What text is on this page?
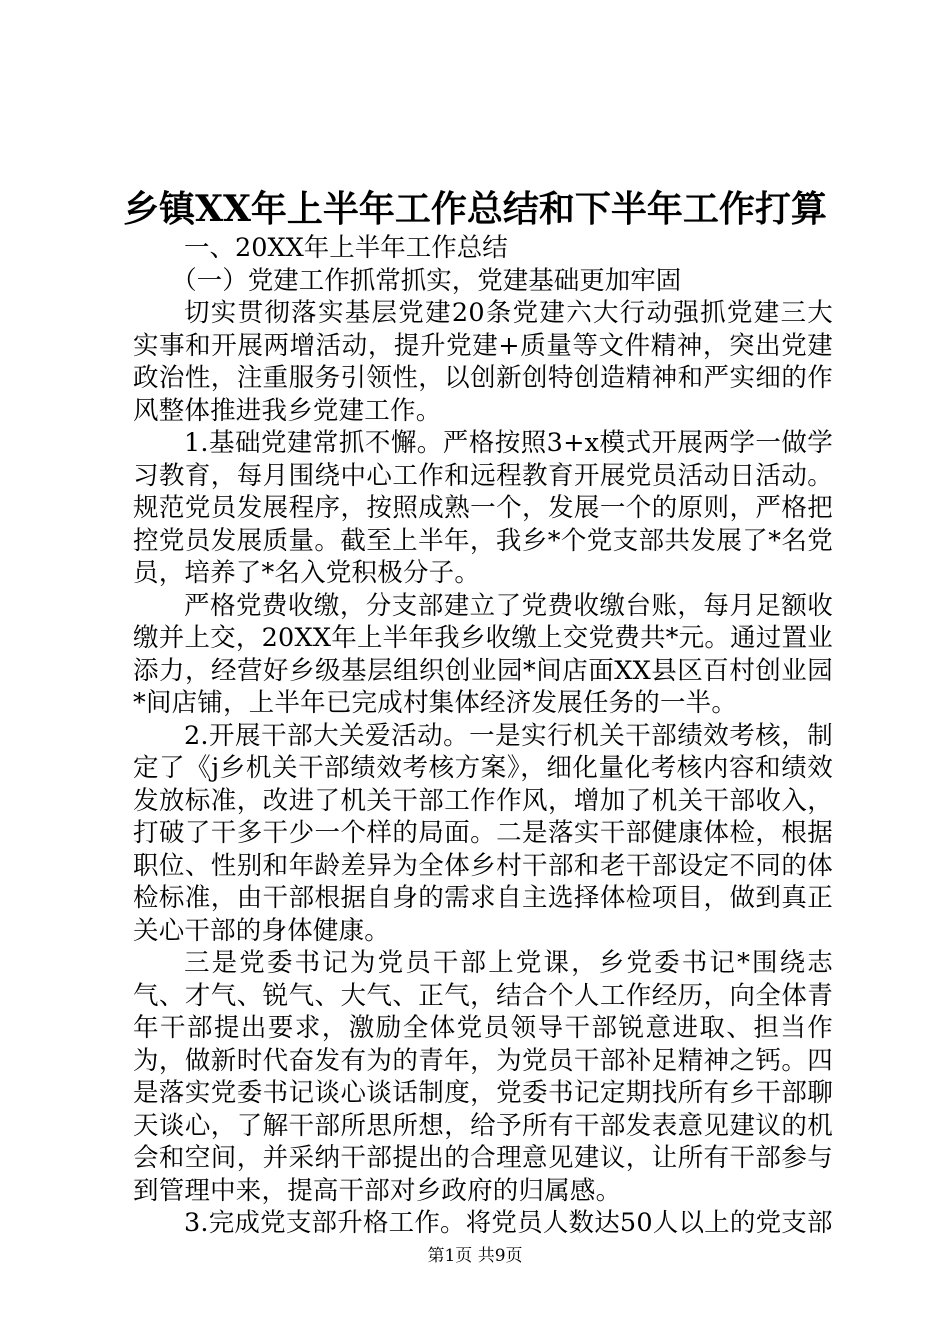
乡镇XX年上半年工作总结和下半年工作打算

一、20XX年上半年工作总结

（一）党建工作抓常抓实，党建基础更加牢固

切实贯彻落实基层党建20条党建六大行动强抓党建三大实事和开展两增活动，提升党建+质量等文件精神，突出党建政治性，注重服务引领性，以创新创特创造精神和严实细的作风整体推进我乡党建工作。

1.基础党建常抓不懈。严格按照3+x模式开展两学一做学习教育，每月围绕中心工作和远程教育开展党员活动日活动。规范党员发展程序，按照成熟一个，发展一个的原则，严格把控党员发展质量。截至上半年，我乡*个党支部共发展了*名党员，培养了*名入党积极分子。

严格党费收缴，分支部建立了党费收缴台账，每月足额收缴并上交，20XX年上半年我乡收缴上交党费共*元。通过置业添力，经营好乡级基层组织创业园*间店面XX县区百村创业园*间店铺，上半年已完成村集体经济发展任务的一半。

2.开展干部大关爱活动。一是实行机关干部绩效考核，制定了《j乡机关干部绩效考核方案》，细化量化考核内容和绩效发放标准，改进了机关干部工作作风，增加了机关干部收入，打破了干多干少一个样的局面。二是落实干部健康体检，根据职位、性别和年龄差异为全体乡村干部和老干部设定不同的体检标准，由干部根据自身的需求自主选择体检项目，做到真正关心干部的身体健康。

三是党委书记为党员干部上党课，乡党委书记*围绕志气、才气、锐气、大气、正气，结合个人工作经历，向全体青年干部提出要求，激励全体党员领导干部锐意进取、担当作为，做新时代奋发有为的青年，为党员干部补足精神之钙。四是落实党委书记谈心谈话制度，党委书记定期找所有乡干部聊天谈心，了解干部所思所想，给予所有干部发表意见建议的机会和空间，并采纳干部提出的合理意见建议，让所有干部参与到管理中来，提高干部对乡政府的归属感。

3.完成党支部升格工作。将党员人数达50人以上的党支部

第1页 共9页
